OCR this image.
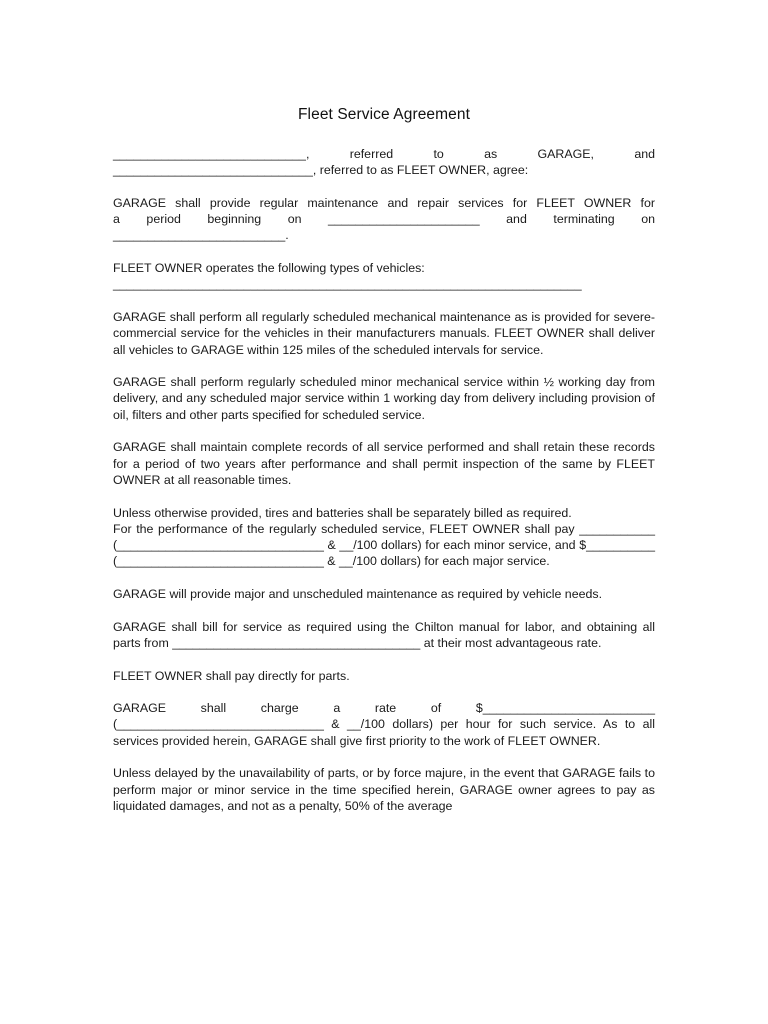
Fleet Service Agreement

____________________________, referred to as GARAGE, and
_____________________________, referred to as FLEET OWNER, agree:

GARAGE shall provide regular maintenance and repair services for FLEET OWNER for
a period beginning on ______________________ and terminating on
_________________________.

FLEET OWNER operates the following types of vehicles:
____________________________________________________________________

GARAGE shall perform all regularly scheduled mechanical maintenance as is provided for severe-commercial service for the vehicles in their manufacturers manuals. FLEET OWNER shall deliver all vehicles to GARAGE within 125 miles of the scheduled intervals for service.

GARAGE shall perform regularly scheduled minor mechanical service within ½ working day from delivery, and any scheduled major service within 1 working day from delivery including provision of oil, filters and other parts specified for scheduled service.

GARAGE shall maintain complete records of all service performed and shall retain these records for a period of two years after performance and shall permit inspection of the same by FLEET OWNER at all reasonable times.

Unless otherwise provided, tires and batteries shall be separately billed as required.
For the performance of the regularly scheduled service, FLEET OWNER shall pay ___________ (______________________________ & __/100 dollars) for each minor service, and $__________ (______________________________ & __/100 dollars) for each major service.

GARAGE will provide major and unscheduled maintenance as required by vehicle needs.

GARAGE shall bill for service as required using the Chilton manual for labor, and obtaining all parts from ____________________________________ at their most advantageous rate.

FLEET OWNER shall pay directly for parts.

GARAGE shall charge a rate of $_________________________
(______________________________ & __/100 dollars) per hour for such service. As to all services provided herein, GARAGE shall give first priority to the work of FLEET OWNER.

Unless delayed by the unavailability of parts, or by force majure, in the event that GARAGE fails to perform major or minor service in the time specified herein, GARAGE owner agrees to pay as liquidated damages, and not as a penalty, 50% of the average
